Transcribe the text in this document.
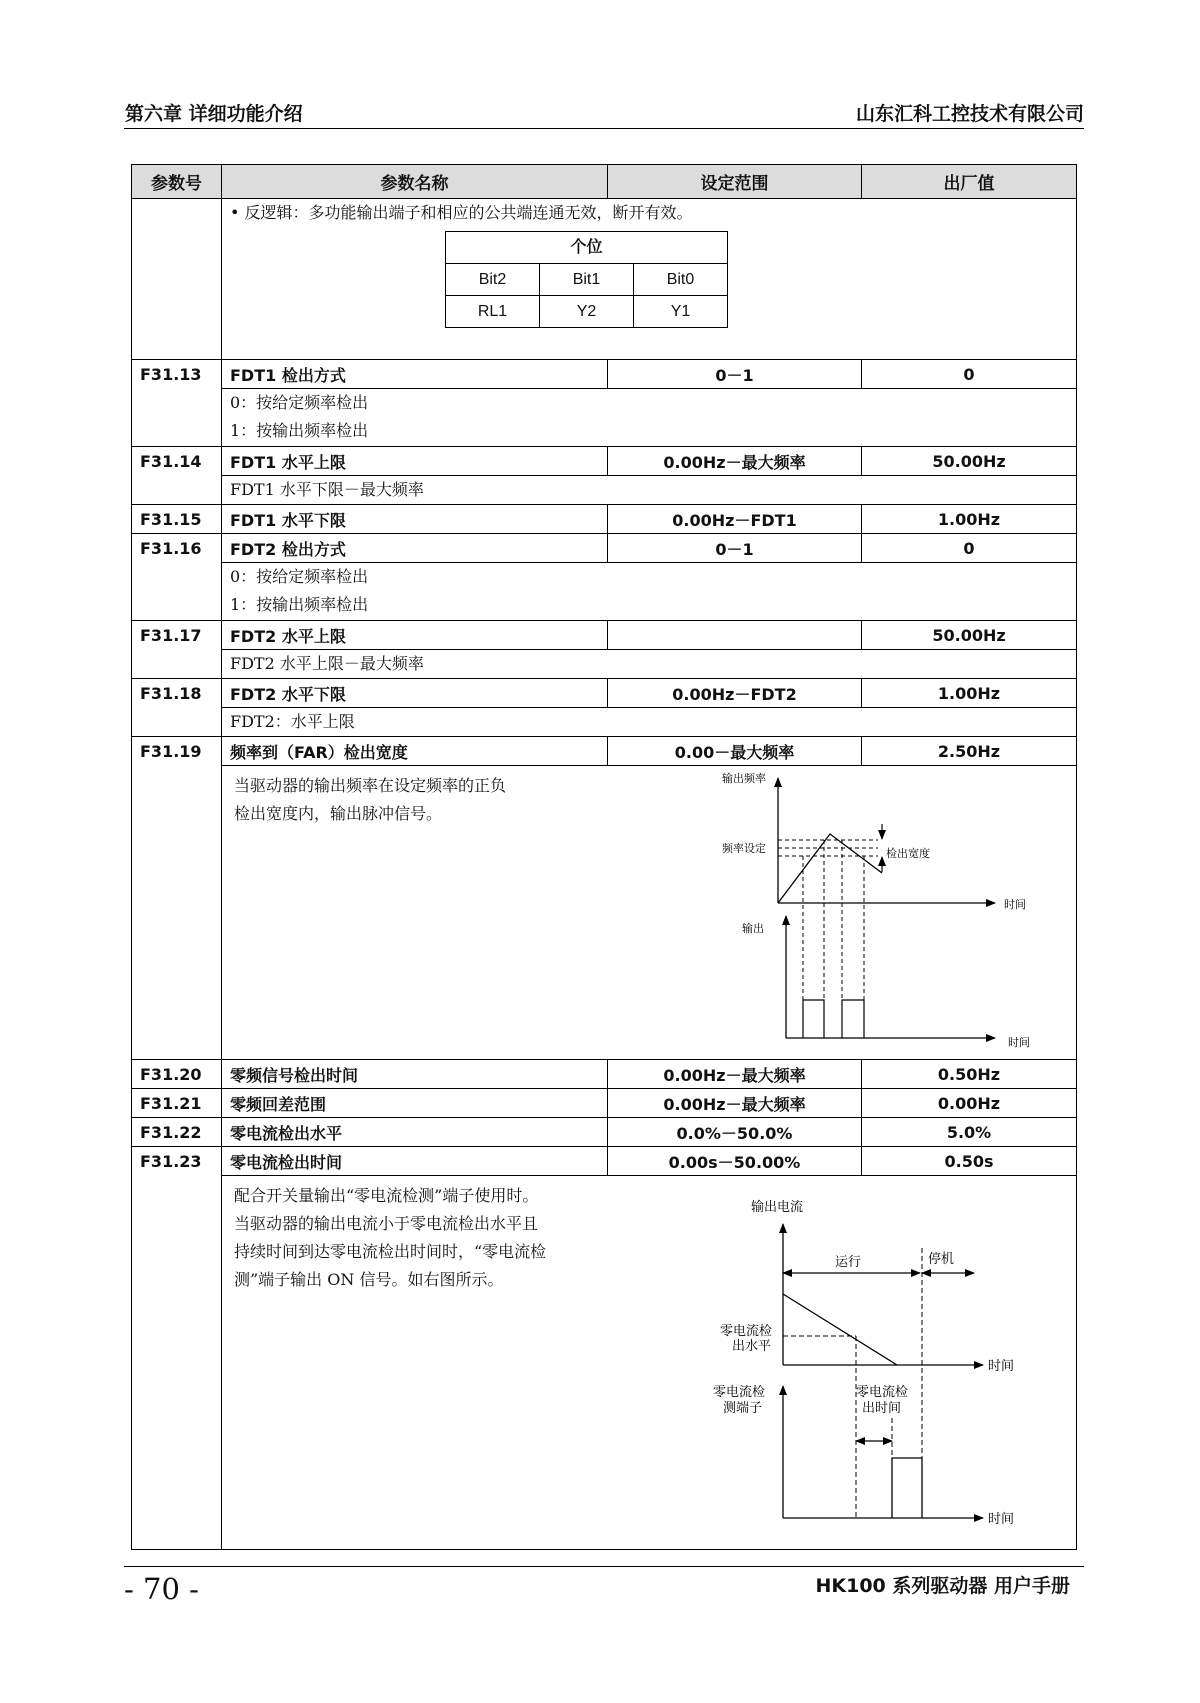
第六章 详细功能介绍	山东汇科工控技术有限公司
参数号	参数名称	设定范围	出厂值

• 反逻辑：多功能输出端子和相应的公共端连通无效，断开有效。
个位
Bit2	Bit1	Bit0
RL1	Y2	Y1

F31.13	FDT1 检出方式	0－1	0

0：按给定频率检出
1：按输出频率检出

F31.14	FDT1 水平上限	0.00Hz－最大频率	50.00Hz

FDT1 水平下限－最大频率

F31.15	FDT1 水平下限	0.00Hz－FDT1	1.00Hz
F31.16	FDT2 检出方式	0－1	0

0：按给定频率检出
1：按输出频率检出

F31.17	FDT2 水平上限		50.00Hz

FDT2 水平上限－最大频率

F31.18	FDT2 水平下限	0.00Hz－FDT2	1.00Hz

FDT2：水平上限

F31.19	频率到（FAR）检出宽度	0.00－最大频率	2.50Hz

当驱动器的输出频率在设定频率的正负
检出宽度内，输出脉冲信号。
输出频率
频率设定
时间
检出宽度
输出
时间

F31.20	零频信号检出时间	0.00Hz－最大频率	0.50Hz
F31.21	零频回差范围	0.00Hz－最大频率	0.00Hz
F31.22	零电流检出水平	0.0%－50.0%	5.0%
F31.23	零电流检出时间	0.00s－50.00%	0.50s

配合开关量输出“零电流检测”端子使用时。
当驱动器的输出电流小于零电流检出水平且
持续时间到达零电流检出时间时，“零电流检
测”端子输出 ON 信号。如右图所示。
输出电流
时间
运行	停机
零电流检
出水平
时间
零电流检
测端子
零电流检
出时间
- 70 -	HK100 系列驱动器 用户手册
